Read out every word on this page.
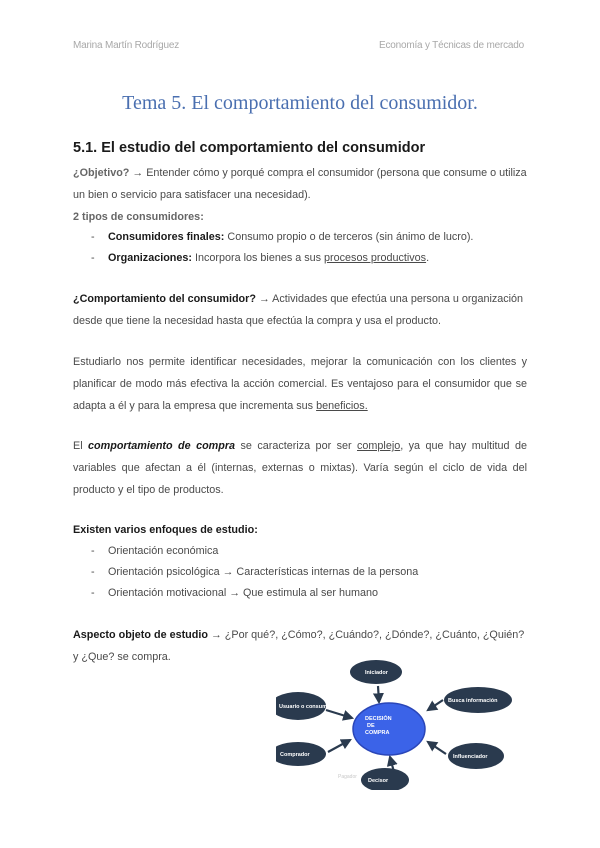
Marina Martín Rodríguez	Economía y Técnicas de mercado
Tema 5. El comportamiento del consumidor.
5.1. El estudio del comportamiento del consumidor
¿Objetivo? → Entender cómo y porqué compra el consumidor (persona que consume o utiliza un bien o servicio para satisfacer una necesidad).
2 tipos de consumidores:
- Consumidores finales: Consumo propio o de terceros (sin ánimo de lucro).
- Organizaciones: Incorpora los bienes a sus procesos productivos.
¿Comportamiento del consumidor? → Actividades que efectúa una persona u organización desde que tiene la necesidad hasta que efectúa la compra y usa el producto.
Estudiarlo nos permite identificar necesidades, mejorar la comunicación con los clientes y planificar de modo más efectiva la acción comercial. Es ventajoso para el consumidor que se adapta a él y para la empresa que incrementa sus beneficios.
El comportamiento de compra se caracteriza por ser complejo, ya que hay multitud de variables que afectan a él (internas, externas o mixtas). Varía según el ciclo de vida del producto y el tipo de productos.
Existen varios enfoques de estudio:
- Orientación económica
- Orientación psicológica → Características internas de la persona
- Orientación motivacional → Que estimula al ser humano
Aspecto objeto de estudio → ¿Por qué?, ¿Cómo?, ¿Cuándo?, ¿Dónde?, ¿Cuánto, ¿Quién? y ¿Que? se compra.
DECISIÓN
DE
COMPRA
Iniciador
Busca información
Influenciador
Decisor
Comprador
Usuario o consumidor
Pagador
